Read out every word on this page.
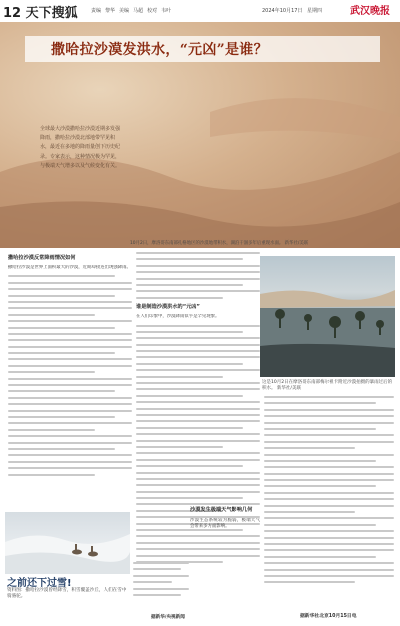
12 天下搜狐	责编 黎华 美编 马超 校对 韦叶	2024年10月17日 星期四	武汉晚报
撒哈拉沙漠发洪水，“元凶”是谁？
全球最大沙漠撒哈拉沙漠近期多发强降雨，撒哈拉沙漠北部地带罕见积水，最近在多地的降雨量创下历史纪录。专家表示，这种情况极为罕见，与极端天气增多以及气候变化有关。
10月2日，摩洛哥东南部扎格地区的沙漠地带积水，湖泊干涸多年后重现水面。 新华社/美联
撒哈拉沙漠反常降雨情况如何
撒哈拉沙漠是世界上面积最大的沙漠，近期却接连出现强降雨。
谁是制造沙漠洪水的“元凶”
在人们印象中，沙漠降雨似乎是罕见现象。
这是10月2日在摩洛哥东南部梅尔祖卡附近沙漠拍摄的暴雨过后的积水。 新华社/美联
据新华社北京10月15日电
沙漠发生极端天气影响几何
沙漠生态系统较为脆弱，极端天气会带来多方面影响。
之前还下过雪!
资料图：撒哈拉沙漠曾经降雪，积雪覆盖沙丘，人们在雪中骑骆驼。
据新华/央视新闻
